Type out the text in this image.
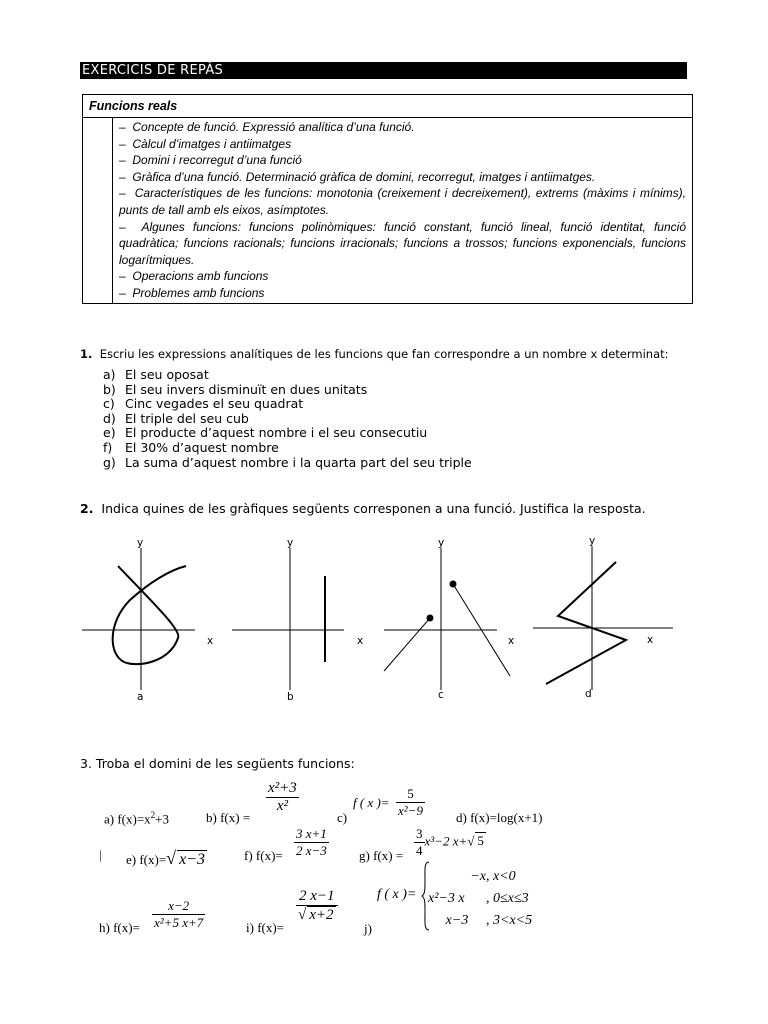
EXERCICIS DE REPÀS
Funcions reals
– Concepte de funció. Expressió analítica d’una funció.
– Càlcul d’imatges i antiimatges
– Domini i recorregut d’una funció
– Gràfica d’una funció. Determinació gràfica de domini, recorregut, imatges i antiimatges.
– Característiques de les funcions: monotonia (creixement i decreixement), extrems (màxims i mínims), punts de tall amb els eixos, asímptotes.
– Algunes funcions: funcions polinòmiques: funció constant, funció lineal, funció identitat, funció quadràtica; funcions racionals; funcions irracionals; funcions a trossos; funcions exponencials, funcions logarítmiques.
– Operacions amb funcions
– Problemes amb funcions
1. Escriu les expressions analítiques de les funcions que fan correspondre a un nombre x determinat:
a) El seu oposat
b) El seu invers disminuït en dues unitats
c) Cinc vegades el seu quadrat
d) El triple del seu cub
e) El producte d’aquest nombre i el seu consecutiu
f) El 30% d’aquest nombre
g) La suma d’aquest nombre i la quarta part del seu triple
2. Indica quines de les gràfiques següents corresponen a una funció. Justifica la resposta.
y
x
a
y
x
b
y
x
c
y
x
d
3. Troba el domini de les següents funcions:
a) $f(x)=x^2+3$	b) f(x) =
$\frac{\text{x²+3}}{\text{x²}}$
c)
f ( x )= $\frac{5}{\text{x²−9}} d$) f(x)=log(x+1)
| e) f(x)=√ x−3	f) $f(x)= \frac{3 x+1}{2 x-3} g$) $f(x) = \frac{3}{4} x^3-2$ x+√ 5
h) $f(x)= \frac{x-2}{\text{x²+5 x+7}}$	i) f(x)=
$\frac{2 x-1}{√ x+2}$
j)
f ( x )=
−x, x<0
x²−3 x , 0≤x≤3
x−3 , 3<x<5
